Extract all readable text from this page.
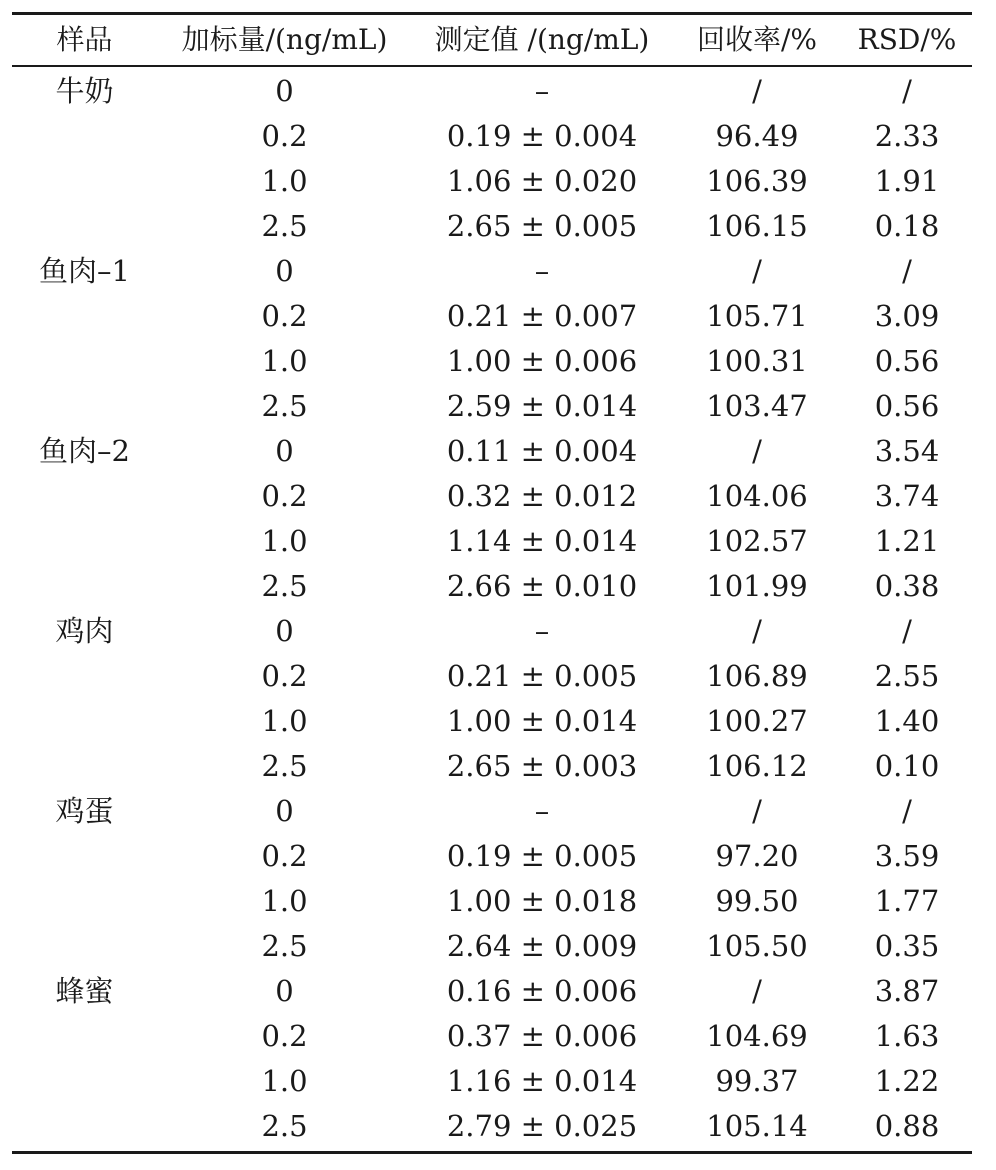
样品	加标量/(ng/mL)	测定值 /(ng/mL)	回收率/%	RSD/%
牛奶	0	–	/	/
	0.2	0.19 ± 0.004	96.49	2.33
	1.0	1.06 ± 0.020	106.39	1.91
	2.5	2.65 ± 0.005	106.15	0.18
鱼肉–1	0	–	/	/
	0.2	0.21 ± 0.007	105.71	3.09
	1.0	1.00 ± 0.006	100.31	0.56
	2.5	2.59 ± 0.014	103.47	0.56
鱼肉–2	0	0.11 ± 0.004	/	3.54
	0.2	0.32 ± 0.012	104.06	3.74
	1.0	1.14 ± 0.014	102.57	1.21
	2.5	2.66 ± 0.010	101.99	0.38
鸡肉	0	–	/	/
	0.2	0.21 ± 0.005	106.89	2.55
	1.0	1.00 ± 0.014	100.27	1.40
	2.5	2.65 ± 0.003	106.12	0.10
鸡蛋	0	–	/	/
	0.2	0.19 ± 0.005	97.20	3.59
	1.0	1.00 ± 0.018	99.50	1.77
	2.5	2.64 ± 0.009	105.50	0.35
蜂蜜	0	0.16 ± 0.006	/	3.87
	0.2	0.37 ± 0.006	104.69	1.63
	1.0	1.16 ± 0.014	99.37	1.22
	2.5	2.79 ± 0.025	105.14	0.88
